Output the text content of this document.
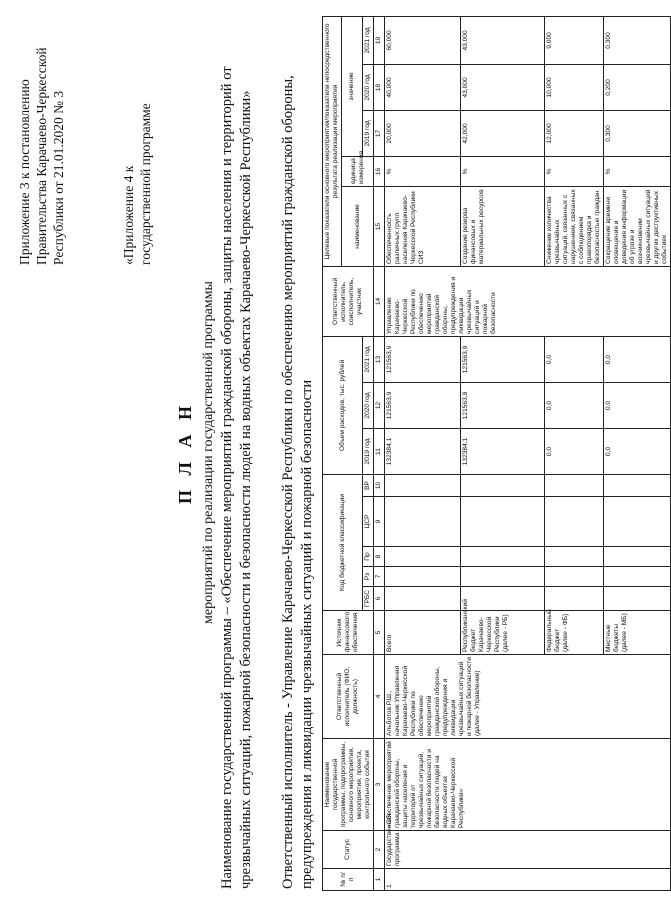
Приложение 3 к постановлению Правительства Карачаево-Черкесской Республики от 21.01.2020 № 3	«Приложение 4 к государственной программе
П Л А Н мероприятий по реализации государственной программы Наименование государственной программы – «Обеспечение мероприятий гражданской обороны, защиты населения и территорий от чрезвычайных ситуаций, пожарной безопасности и безопасности людей на водных объектах Карачаево-Черкесской Республики» Ответственный исполнитель - Управление Карачаево-Черкесской Республики по обеспечению мероприятий гражданской обороны, предупреждения и ликвидации чрезвычайных ситуаций и пожарной безопасности	№ п/п	Статус	Наименование государственной программы, подпрограммы, основного мероприятия, мероприятия, проекта, контрольного события	Ответственный исполнитель (ФИО, должность)	Источник финансового обеспечения	Код бюджетной классификации					Объем расходов, тыс. рублей			Ответственный исполнитель, соисполнитель, участник	Целевые показатели основного мероприятия/показатели непосредственного результата реализации мероприятия				
														наименование	единица измерения	значение		
					ГРБС	Рз	Пр	ЦСР	ВР	2019 год	2020 год	2021 год				2019 год	2020 год	2021 год
1	2	3	4	5	6	7	8	9	10	11	12	13	14	15	16	17	18	19
1	Государственная программа	«Обеспечение мероприятий гражданской обороны, защиты населения и территорий от чрезвычайных ситуаций, пожарной безопасности и безопасности людей на водных объектах Карачаево-Черкесской Республики»	Альботов Р.Ш., начальник Управления Карачаево-Черкесской Республики по обеспечению мероприятий гражданской обороны, предупреждения и ликвидации чрезвычайных ситуаций и пожарной безопасности (далее - Управление)	Всего						132384,1	121563,9	121563,9	Управление Карачаево-Черкесской Республики по обеспечению мероприятий гражданской обороны, предупреждения и ликвидации чрезвычайных ситуаций и пожарной безопасности	Обеспеченность различных групп населения Карачаево-Черкесской Республики СИЗ	%	20,000	40,000	60,000
				Республиканский бюджет Карачаево-Черкесской Республики (далее - РБ)						132384,1	121563,9	121563,9		Создание резерва финансовых и материальных ресурсов	%	42,000	43,000	43,000
				Федеральный бюджет (далее - ФБ)						0,0	0,0	0,0		Снижение количества чрезвычайных ситуаций, связанных с нарушением, связанных с соблюдением правопорядка и безопасностью граждан	%	12,000	10,000	9,000
				Местные бюджеты (далее - МБ)						0,0	0,0	0,0		Сокращение времени оповещения и доведения информации об угрозе и возникновении чрезвычайных ситуаций и других деструктивных событиях	%	0,300	0,200	0,300
